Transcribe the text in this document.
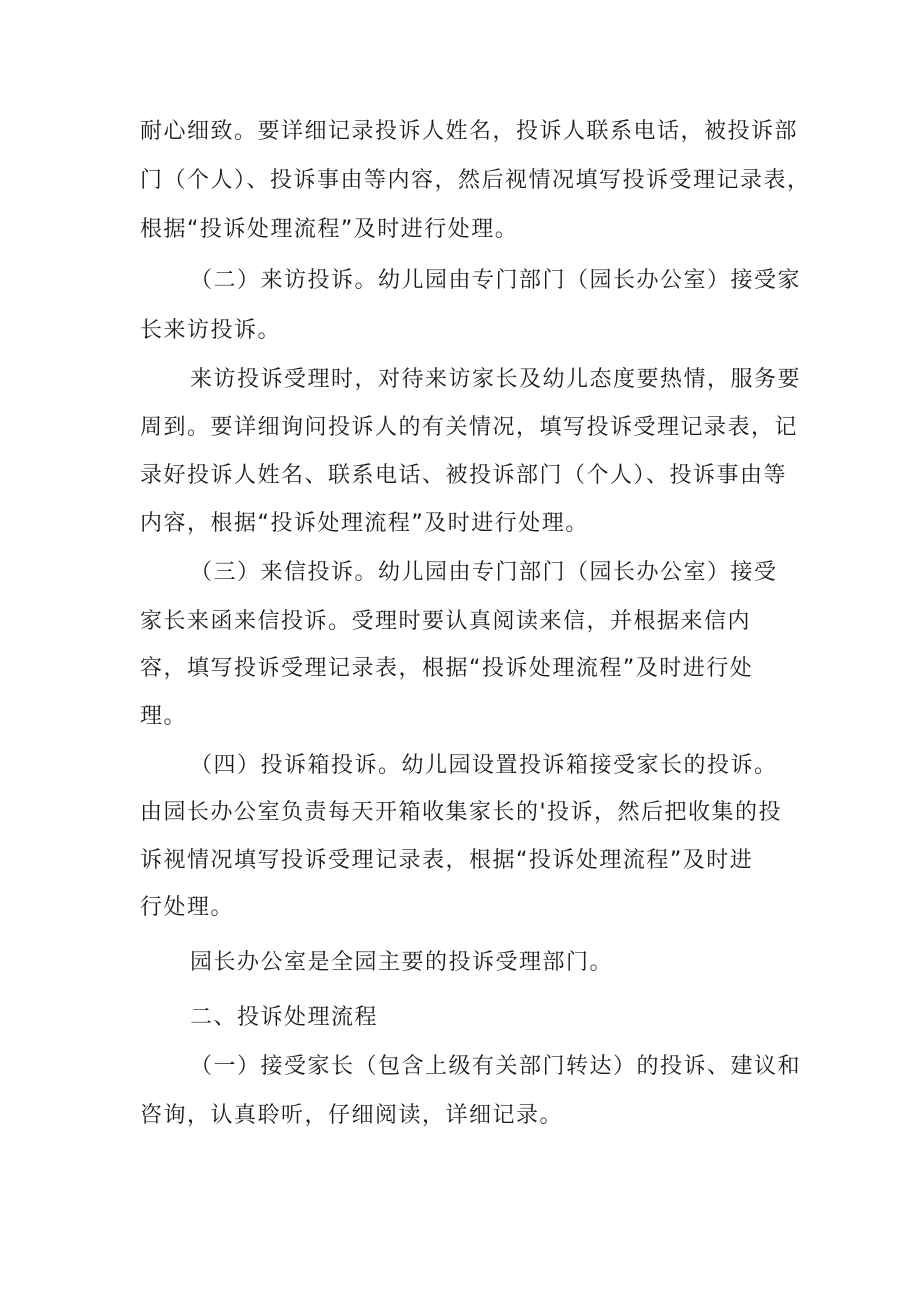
耐心细致。要详细记录投诉人姓名，投诉人联系电话，被投诉部

门（个人）、投诉事由等内容，然后视情况填写投诉受理记录表，

根据“投诉处理流程”及时进行处理。

（二）来访投诉。幼儿园由专门部门（园长办公室）接受家

长来访投诉。

来访投诉受理时，对待来访家长及幼儿态度要热情，服务要

周到。要详细询问投诉人的有关情况，填写投诉受理记录表，记

录好投诉人姓名、联系电话、被投诉部门（个人）、投诉事由等

内容，根据“投诉处理流程”及时进行处理。

（三）来信投诉。幼儿园由专门部门（园长办公室）接受

家长来函来信投诉。受理时要认真阅读来信，并根据来信内

容，填写投诉受理记录表，根据“投诉处理流程”及时进行处

理。

（四）投诉箱投诉。幼儿园设置投诉箱接受家长的投诉。

由园长办公室负责每天开箱收集家长的'投诉，然后把收集的投

诉视情况填写投诉受理记录表，根据“投诉处理流程”及时进

行处理。

园长办公室是全园主要的投诉受理部门。

二、投诉处理流程

（一）接受家长（包含上级有关部门转达）的投诉、建议和

咨询，认真聆听，仔细阅读，详细记录。
